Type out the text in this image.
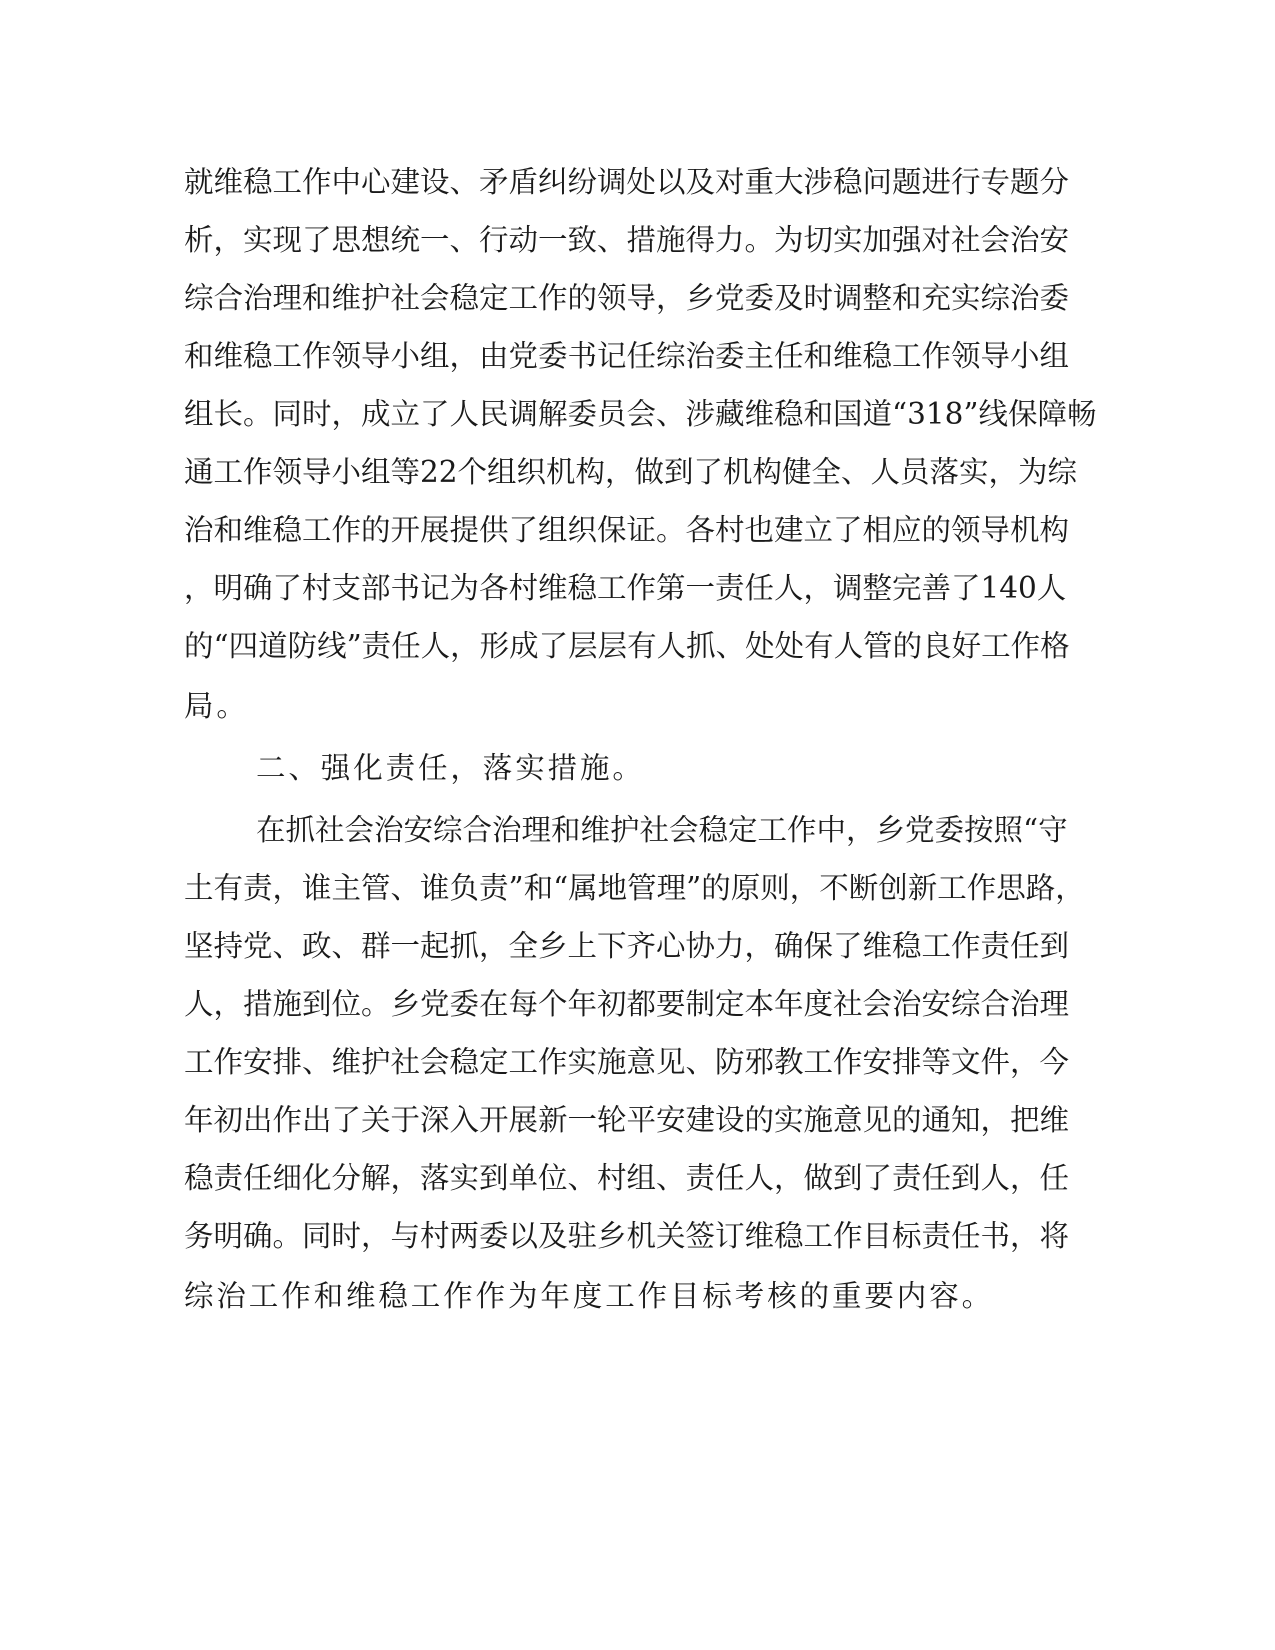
就维稳工作中心建设、矛盾纠纷调处以及对重大涉稳问题进行专题分
析，实现了思想统一、行动一致、措施得力。为切实加强对社会治安
综合治理和维护社会稳定工作的领导，乡党委及时调整和充实综治委
和维稳工作领导小组，由党委书记任综治委主任和维稳工作领导小组
组长。同时，成立了人民调解委员会、涉藏维稳和国道“318”线保障畅
通工作领导小组等22个组织机构，做到了机构健全、人员落实，为综
治和维稳工作的开展提供了组织保证。各村也建立了相应的领导机构
，明确了村支部书记为各村维稳工作第一责任人，调整完善了140人
的“四道防线”责任人，形成了层层有人抓、处处有人管的良好工作格
局。
二、强化责任，落实措施。
在抓社会治安综合治理和维护社会稳定工作中，乡党委按照“守
土有责，谁主管、谁负责”和“属地管理”的原则，不断创新工作思路，
坚持党、政、群一起抓，全乡上下齐心协力，确保了维稳工作责任到
人，措施到位。乡党委在每个年初都要制定本年度社会治安综合治理
工作安排、维护社会稳定工作实施意见、防邪教工作安排等文件，今
年初出作出了关于深入开展新一轮平安建设的实施意见的通知，把维
稳责任细化分解，落实到单位、村组、责任人，做到了责任到人，任
务明确。同时，与村两委以及驻乡机关签订维稳工作目标责任书，将
综治工作和维稳工作作为年度工作目标考核的重要内容。
